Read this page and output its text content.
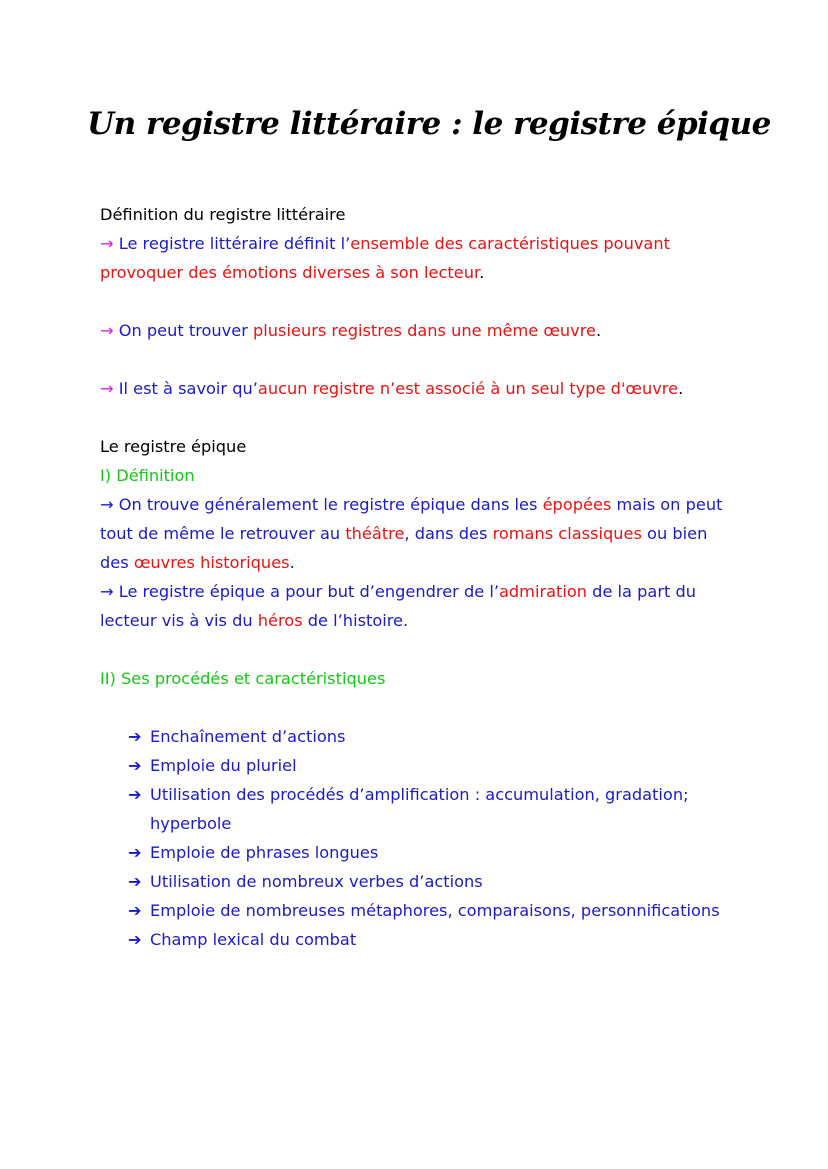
Un registre littéraire : le registre épique

Définition du registre littéraire

→ Le registre littéraire définit l’ensemble des caractéristiques pouvant provoquer des émotions diverses à son lecteur.

→ On peut trouver plusieurs registres dans une même œuvre.

→ Il est à savoir qu’aucun registre n’est associé à un seul type d'œuvre.

Le registre épique

I) Définition

→ On trouve généralement le registre épique dans les épopées mais on peut tout de même le retrouver au théâtre, dans des romans classiques ou bien des œuvres historiques.

→ Le registre épique a pour but d’engendrer de l’admiration de la part du lecteur vis à vis du héros de l’histoire.

II) Ses procédés et caractéristiques

➔ Enchaînement d’actions
➔ Emploie du pluriel
➔ Utilisation des procédés d’amplification : accumulation, gradation; hyperbole
➔ Emploie de phrases longues
➔ Utilisation de nombreux verbes d’actions
➔ Emploie de nombreuses métaphores, comparaisons, personnifications
➔ Champ lexical du combat
